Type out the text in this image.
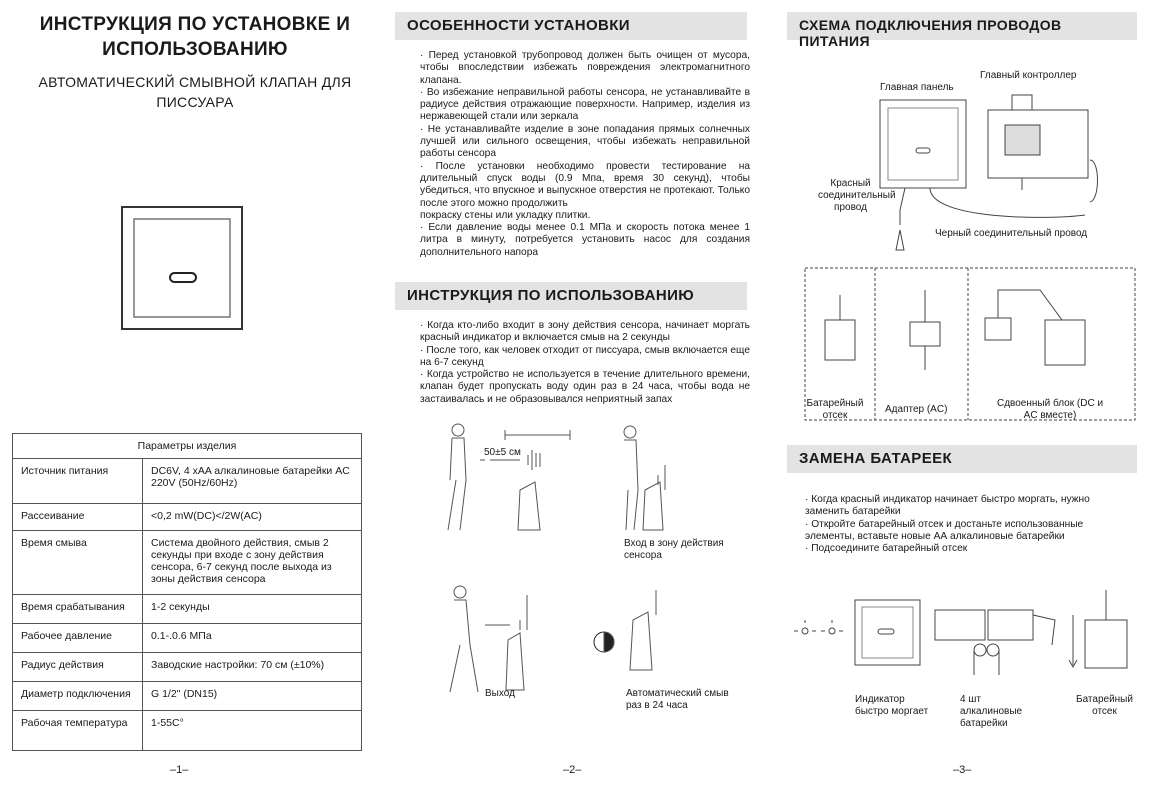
ИНСТРУКЦИЯ ПО УСТАНОВКЕ И ИСПОЛЬЗОВАНИЮ
АВТОМАТИЧЕСКИЙ СМЫВНОЙ КЛАПАН ДЛЯ ПИССУАРА
Параметры изделия	
Источник питания	DC6V, 4 xAA алкалиновые батарейки AC 220V (50Hz/60Hz)
Рассеивание	<0,2 mW(DC)</2W(AC)
Время смыва	Система двойного действия, смыв 2 секунды при входе с зону действия сенсора, 6-7 секунд после выхода из зоны действия сенсора
Время срабатывания	1-2 секунды
Рабочее давление	0.1-.0.6 МПа
Радиус действия	Заводские настройки: 70 см (±10%)
Диаметр подключения	G 1/2" (DN15)
Рабочая температура	1-55C°
–1–
ОСОБЕННОСТИ УСТАНОВКИ

· Перед установкой трубопровод должен быть очищен от мусора, чтобы впоследствии избежать повреждения электромагнитного клапана.

· Во избежание неправильной работы сенсора, не устанавливайте в радиусе действия отражающие поверхности. Например, изделия из нержавеющей стали или зеркала

· Не устанавливайте изделие в зоне попадания прямых солнечных лучшей или сильного освещения, чтобы избежать неправильной работы сенсора

· После установки необходимо провести тестирование на длительный спуск воды (0.9 Мпа, время 30 секунд), чтобы убедиться, что впускное и выпускное отверстия не протекают. Только после этого можно продолжить

покраску стены или укладку плитки.

· Если давление воды менее 0.1 МПа и скорость потока менее 1 литра в минуту, потребуется установить насос для создания дополнительного напора

ИНСТРУКЦИЯ ПО ИСПОЛЬЗОВАНИЮ

· Когда кто-либо входит в зону действия сенсора, начинает моргать красный индикатор и включается смыв на 2 секунды

· После того, как человек отходит от писсуара, смыв включается еще на 6-7 секунд

· Когда устройство не используется в течение длительного времени, клапан будет пропускать воду один раз в 24 часа, чтобы вода не застаивалась и не образовывался неприятный запах

50±5 см
Вход в зону действия сенсора
Выход	Автоматический смыв раз в 24 часа
–2–
СХЕМА ПОДКЛЮЧЕНИЯ ПРОВОДОВ ПИТАНИЯ
Главная панель
Главный контроллер
Красный соединительный провод
Черный соединительный провод
Батарейный отсек
Адаптер (AC)
Сдвоенный блок (DC и AC вместе)
ЗАМЕНА БАТАРЕЕК

· Когда красный индикатор начинает быстро моргать, нужно заменить батарейки

· Откройте батарейный отсек и достаньте использованные элементы, вставьте новые АА алкалиновые батарейки

· Подсоедините батарейный отсек

Индикатор быстро моргает
4 шт алкалиновые батарейки
Батарейный отсек
–3–
